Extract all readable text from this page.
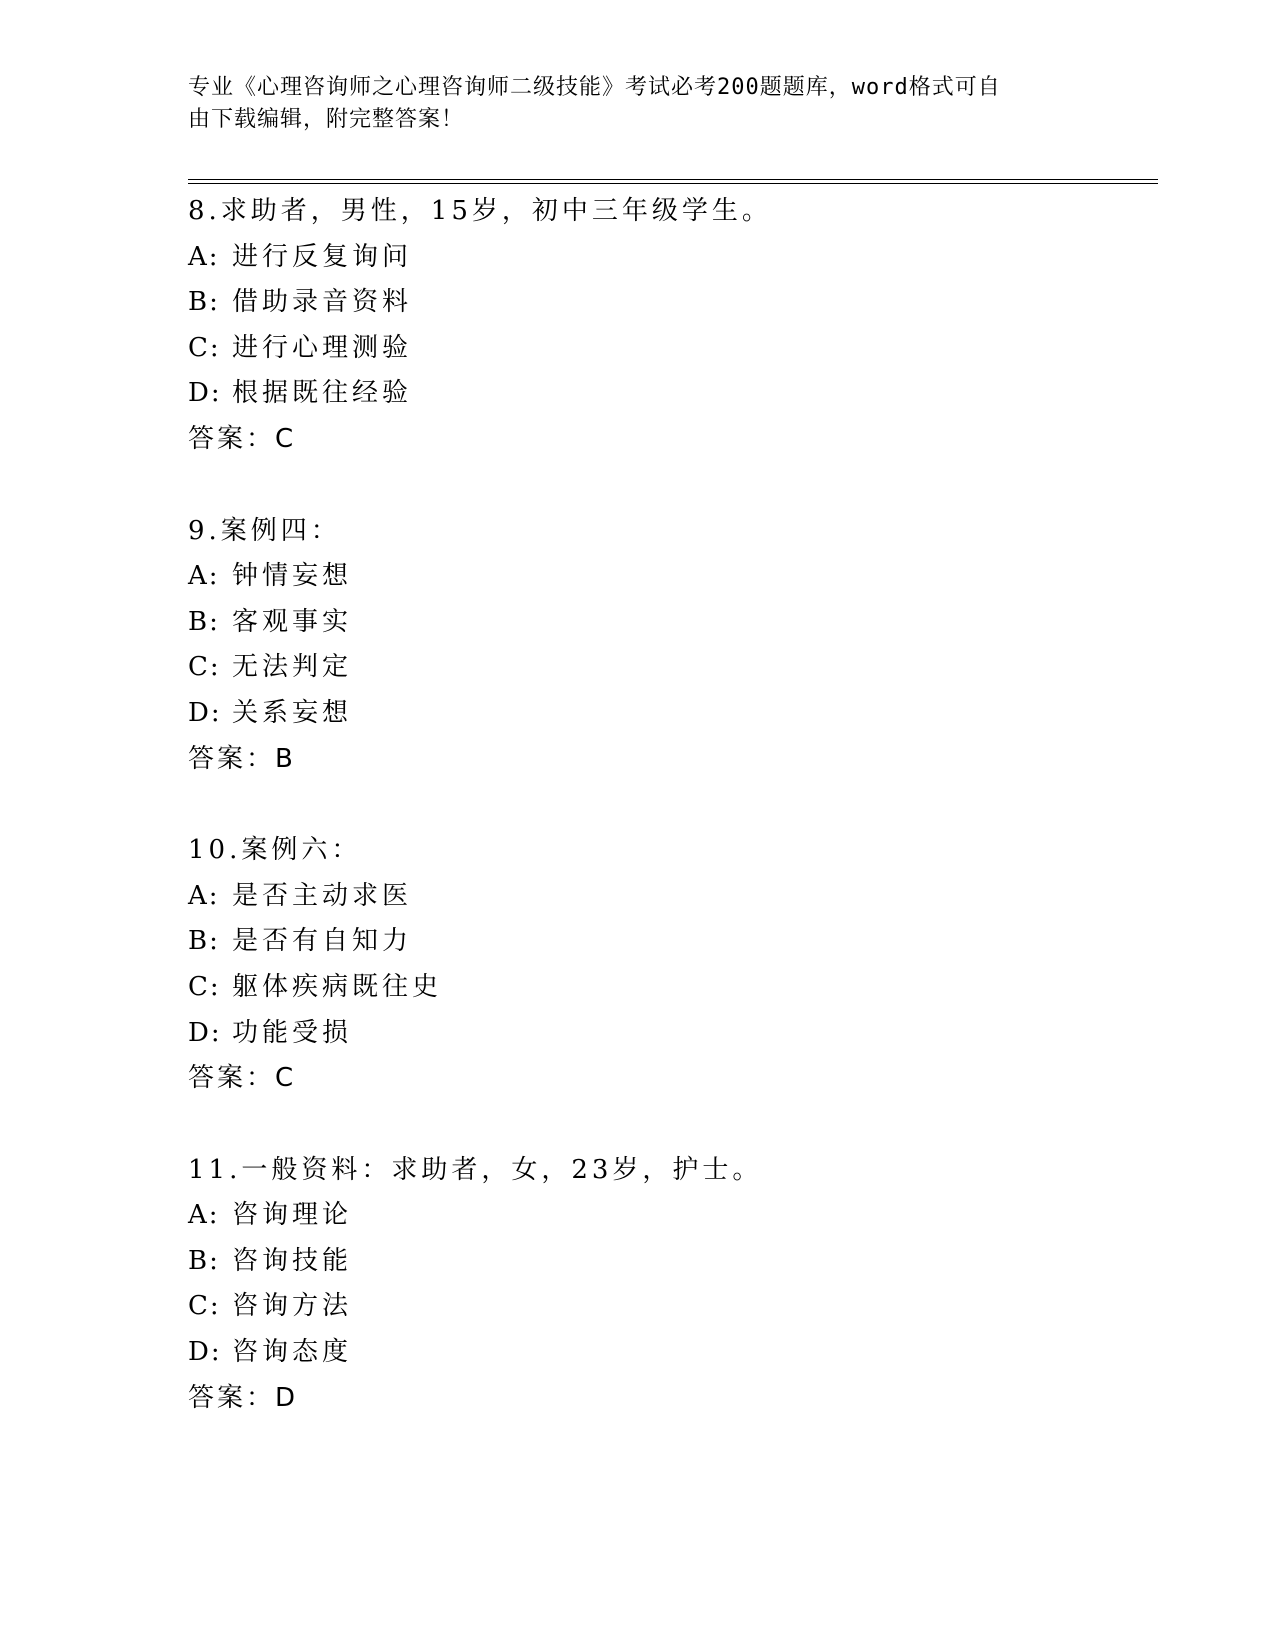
专业《心理咨询师之心理咨询师二级技能》考试必考200题题库，word格式可自
由下载编辑，附完整答案！
8.求助者，男性，15岁，初中三年级学生。
A: 进行反复询问
B: 借助录音资料
C: 进行心理测验
D: 根据既往经验
答案：C
9.案例四：
A: 钟情妄想
B: 客观事实
C: 无法判定
D: 关系妄想
答案：B
10.案例六：
A: 是否主动求医
B: 是否有自知力
C: 躯体疾病既往史
D: 功能受损
答案：C
11.一般资料：求助者，女，23岁，护士。
A: 咨询理论
B: 咨询技能
C: 咨询方法
D: 咨询态度
答案：D
